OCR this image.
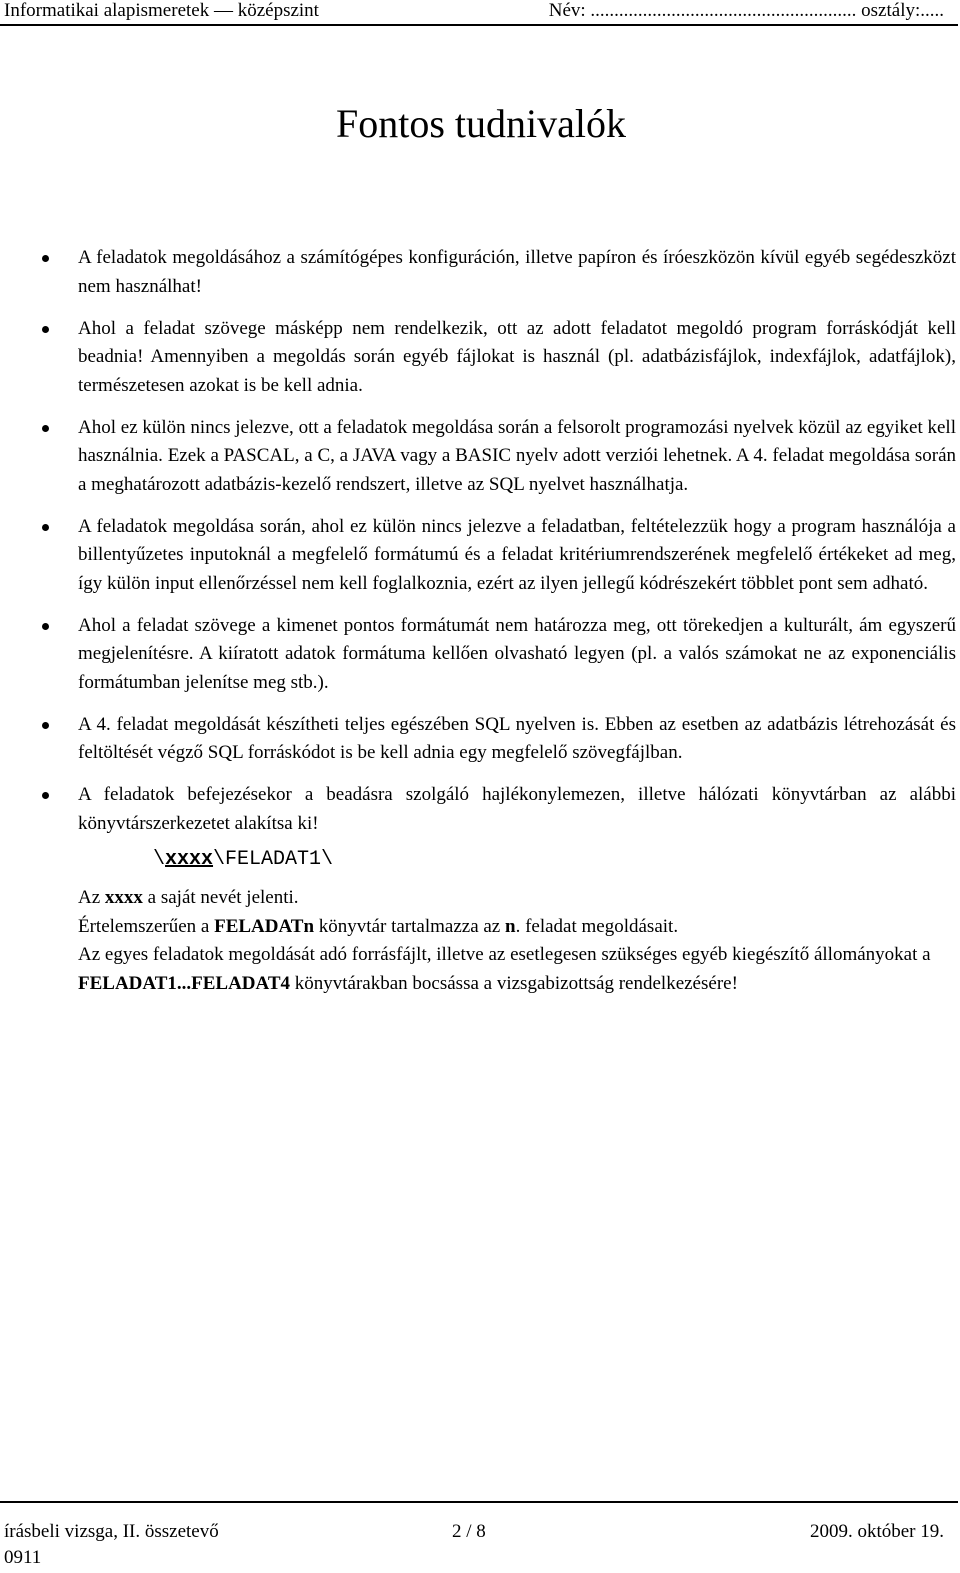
Informatikai alapismeretek — középszint	Név: ........................................................ osztály:.....
Fontos tudnivalók
A feladatok megoldásához a számítógépes konfiguráción, illetve papíron és íróeszközön kívül egyéb segédeszközt nem használhat!
Ahol a feladat szövege másképp nem rendelkezik, ott az adott feladatot megoldó program forráskódját kell beadnia! Amennyiben a megoldás során egyéb fájlokat is használ (pl. adatbázisfájlok, indexfájlok, adatfájlok), természetesen azokat is be kell adnia.
Ahol ez külön nincs jelezve, ott a feladatok megoldása során a felsorolt programozási nyelvek közül az egyiket kell használnia. Ezek a PASCAL, a C, a JAVA vagy a BASIC nyelv adott verziói lehetnek. A 4. feladat megoldása során a meghatározott adatbázis-kezelő rendszert, illetve az SQL nyelvet használhatja.
A feladatok megoldása során, ahol ez külön nincs jelezve a feladatban, feltételezzük hogy a program használója a billentyűzetes inputoknál a megfelelő formátumú és a feladat kritériumrendszerének megfelelő értékeket ad meg, így külön input ellenőrzéssel nem kell foglalkoznia, ezért az ilyen jellegű kódrészekért többlet pont sem adható.
Ahol a feladat szövege a kimenet pontos formátumát nem határozza meg, ott törekedjen a kulturált, ám egyszerű megjelenítésre. A kiíratott adatok formátuma kellően olvasható legyen (pl. a valós számokat ne az exponenciális formátumban jelenítse meg stb.).
A 4. feladat megoldását készítheti teljes egészében SQL nyelven is. Ebben az esetben az adatbázis létrehozását és feltöltését végző SQL forráskódot is be kell adnia egy megfelelő szövegfájlban.
A feladatok befejezésekor a beadásra szolgáló hajlékonylemezen, illetve hálózati könyvtárban az alábbi könyvtárszerkezetet alakítsa ki!
\xxxx\FELADAT1\

Az xxxx a saját nevét jelenti.

Értelemszerűen a FELADATn könyvtár tartalmazza az n. feladat megoldásait.

Az egyes feladatok megoldását adó forrásfájlt, illetve az esetlegesen szükséges egyéb kiegészítő állományokat a FELADAT1...FELADAT4 könyvtárakban bocsássa a vizsgabizottság rendelkezésére!

írásbeli vizsga, II. összetevő	2 / 8	2009. október 19.
0911
